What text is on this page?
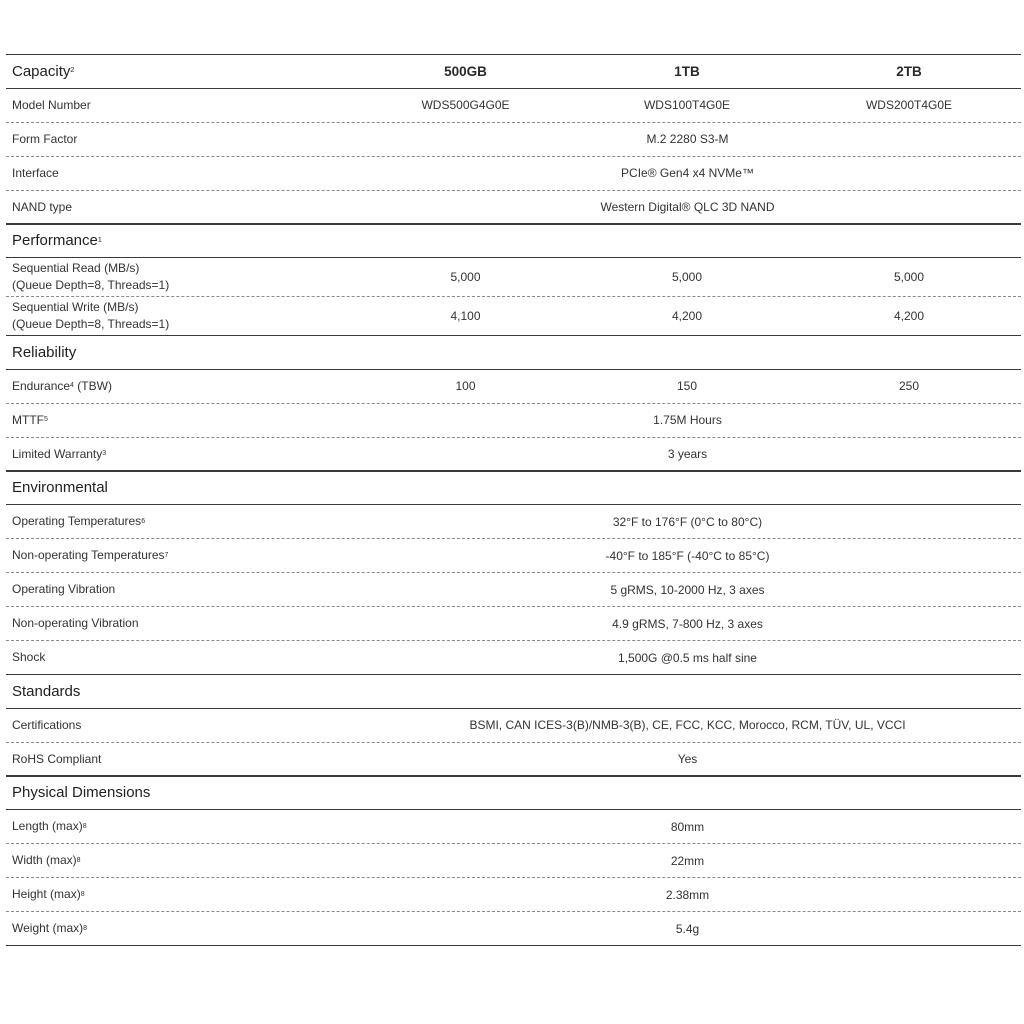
Capacity 2	500GB	1TB	2TB
Model Number	WDS500G4G0E	WDS100T4G0E	WDS200T4G0E
Form Factor	M.2 2280 S3-M
Interface	PCIe® Gen4 x4 NVMe™
NAND type	Western Digital® QLC 3D NAND
Performance 1
Sequential Read (MB/s)
(Queue Depth=8, Threads=1)
5,000	5,000	5,000
Sequential Write (MB/s)
(Queue Depth=8, Threads=1)
4,100	4,200	4,200
Reliability
Endurance 4 (TBW)	100	150	250
MTTF 5	1.75M Hours
Limited Warranty 3	3 years
Environmental
Operating Temperatures 6	32°F to 176°F (0°C to 80°C)
Non-operating Temperatures 7	-40°F to 185°F (-40°C to 85°C)
Operating Vibration	5 gRMS, 10-2000 Hz, 3 axes
Non-operating Vibration	4.9 gRMS, 7-800 Hz, 3 axes
Shock	1,500G @0.5 ms half sine
Standards
Certifications	BSMI, CAN ICES-3(B)/NMB-3(B), CE, FCC, KCC, Morocco, RCM, TÜV, UL, VCCI
RoHS Compliant	Yes
Physical Dimensions
Length (max) 8	80mm
Width (max) 8	22mm
Height (max) 8	2.38mm
Weight (max) 8	5.4g
